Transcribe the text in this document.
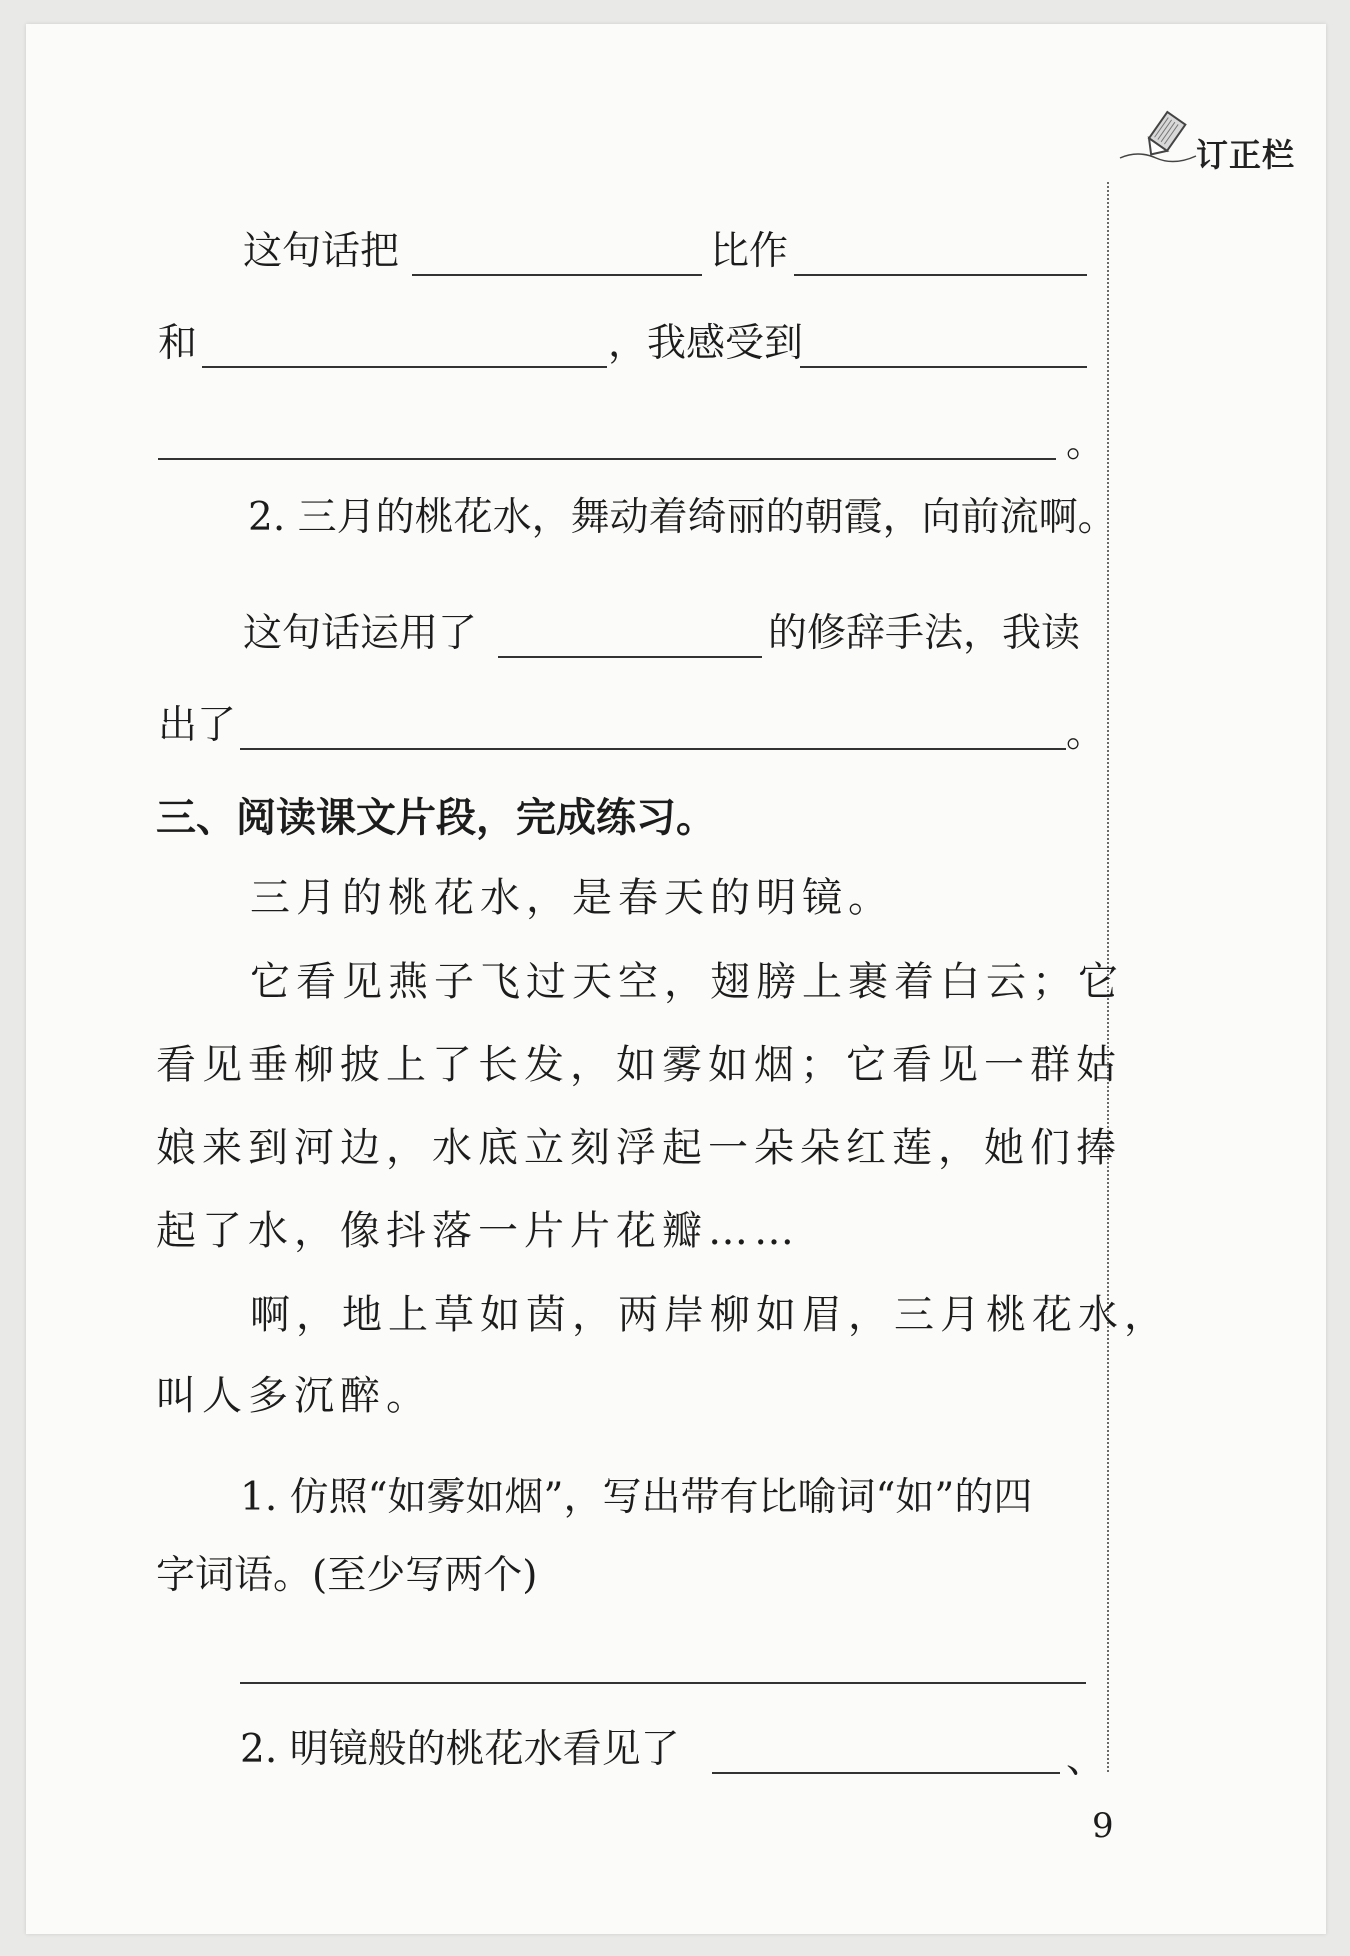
订正栏
这句话把	比作
和	，我感受到
。
2. 三月的桃花水，舞动着绮丽的朝霞，向前流啊。
这句话运用了	的修辞手法，我读
出了	。
三、阅读课文片段，完成练习。
三月的桃花水，是春天的明镜。
它看见燕子飞过天空，翅膀上裹着白云；它
看见垂柳披上了长发，如雾如烟；它看见一群姑
娘来到河边，水底立刻浮起一朵朵红莲，她们捧
起了水，像抖落一片片花瓣……
啊，地上草如茵，两岸柳如眉，三月桃花水，
叫人多沉醉。
1. 仿照“如雾如烟”，写出带有比喻词“如”的四
字词语。(至少写两个)
2. 明镜般的桃花水看见了	、
9
